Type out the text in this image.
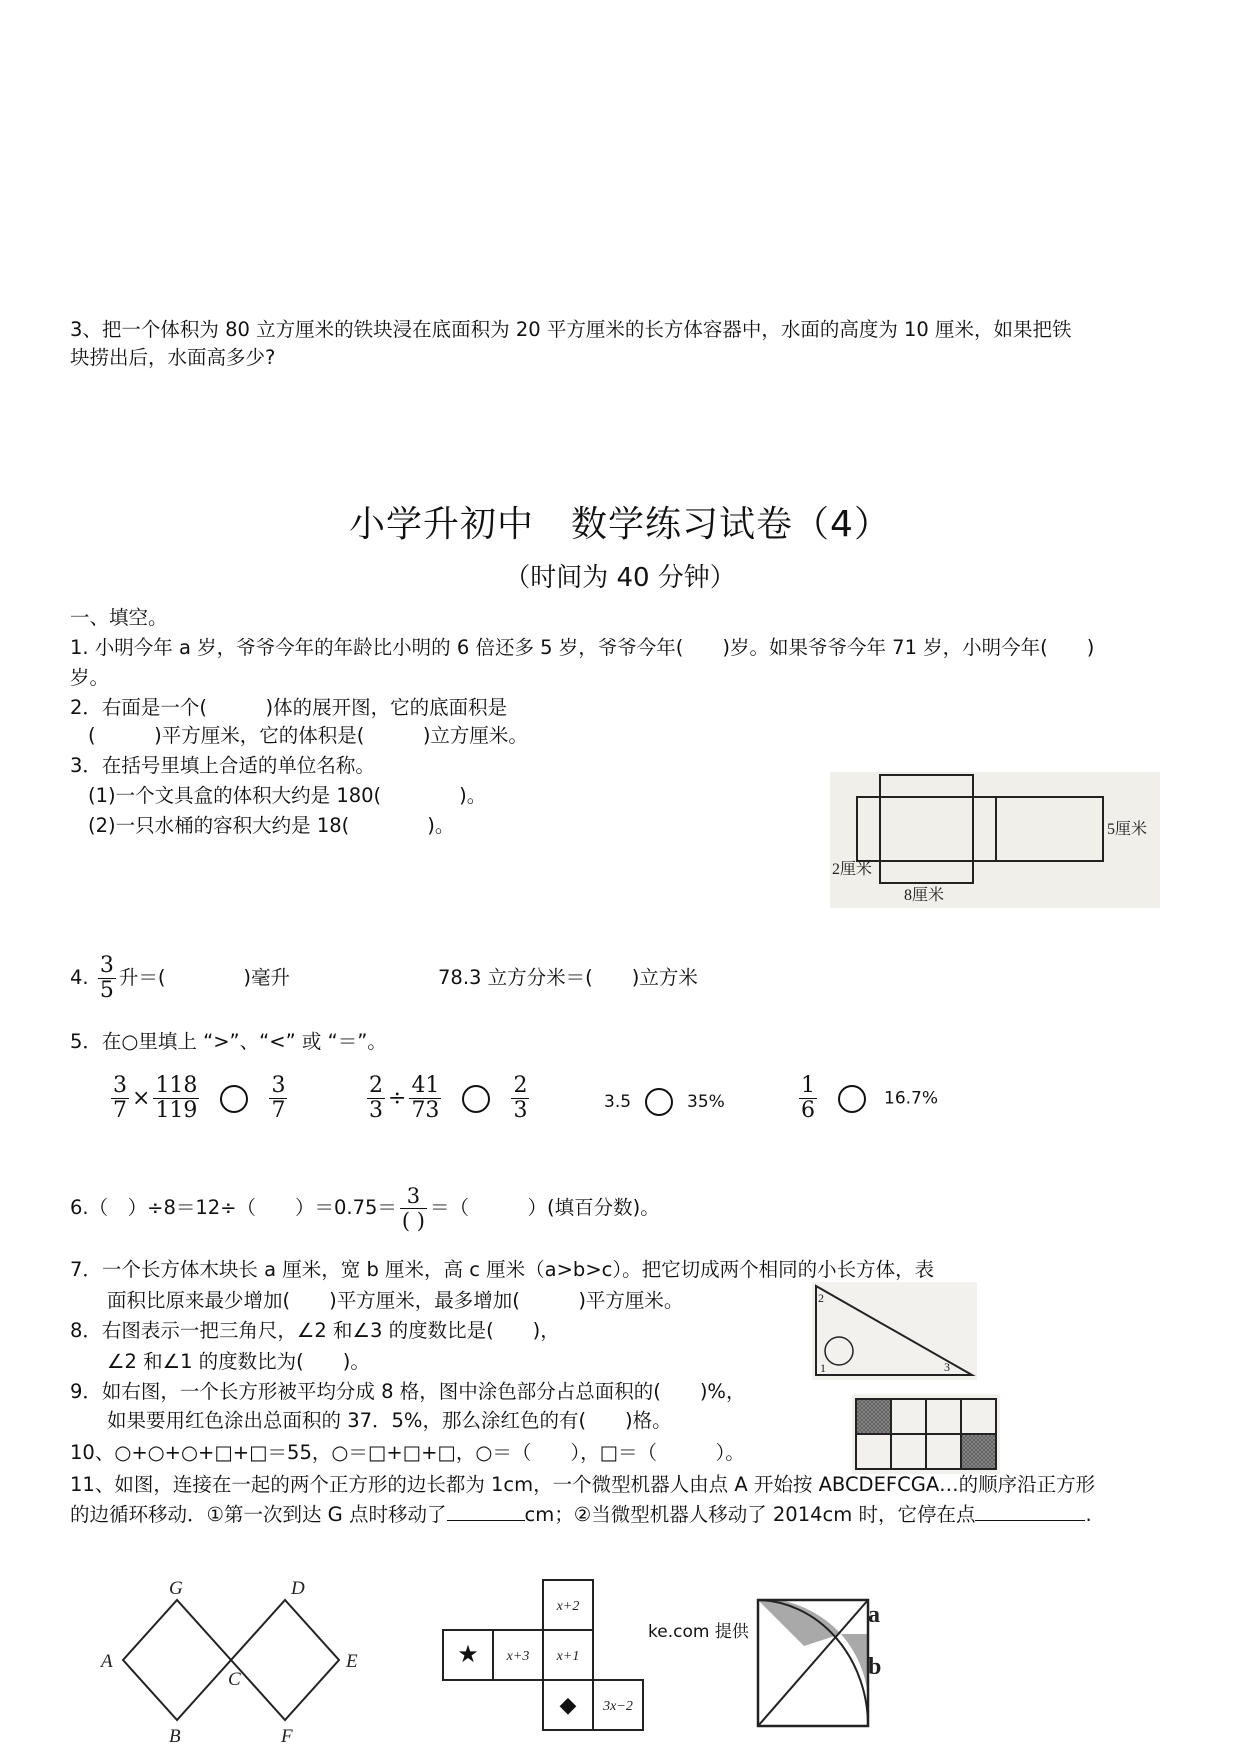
3、把一个体积为 80 立方厘米的铁块浸在底面积为 20 平方厘米的长方体容器中，水面的高度为 10 厘米，如果把铁
块捞出后，水面高多少?
小学升初中　数学练习试卷（4）
（时间为 40 分钟）
一、填空。
1. 小明今年 a 岁，爷爷今年的年龄比小明的 6 倍还多 5 岁，爷爷今年(　　)岁。如果爷爷今年 71 岁，小明今年(　　)
岁。
2．右面是一个(　　　)体的展开图，它的底面积是
(　　　)平方厘米，它的体积是(　　　)立方厘米。
5厘米
2厘米
8厘米
3．在括号里填上合适的单位名称。
(1)一个文具盒的体积大约是 180(　　　　)。
(2)一只水桶的容积大约是 18(　　　　)。
4. $\frac{3}{5}$ 升＝(　　　　)毫升	78.3 立方分米＝(　　)立方米
5．在○里填上 “>”、“<” 或 “＝”。
$\frac{3}{7} \times \frac{118}{119}$	$\frac{3}{7}$	$\frac{2}{3} \div \frac{41}{73}$	$\frac{2}{3}$	3.5	35%	$\frac{1}{6}$	16.7%
6.（　）÷8＝12÷（　　）$=0.75= \frac{3}{( )}$ ＝（　　　）(填百分数)。
7．一个长方体木块长 a 厘米，宽 b 厘米，高 c 厘米（a>b>c）。把它切成两个相同的小长方体，表
面积比原来最少增加(　　)平方厘米，最多增加(　　　)平方厘米。
8．右图表示一把三角尺，∠2 和∠3 的度数比是(　　)，
∠2 和∠1 的度数比为(　　)。
2
1	3
9．如右图，一个长方形被平均分成 8 格，图中涂色部分占总面积的(　　)%，
如果要用红色涂出总面积的 37．5%，那么涂红色的有(　　)格。
10、○+○+○+□+□＝55，○＝□+□+□，○＝（　　），□＝（　　　）。
11、如图，连接在一起的两个正方形的边长都为 1cm，一个微型机器人由点 A 开始按 ABCDEFCGA…的顺序沿正方形
的边循环移动．①第一次到达 G 点时移动了	cm；②当微型机器人移动了 2014cm 时，它停在点	.
G	D
A
C
E
B	F
x+2
★ x+3 x+1
◆ 3x−2
ke.com 提供
a
b
